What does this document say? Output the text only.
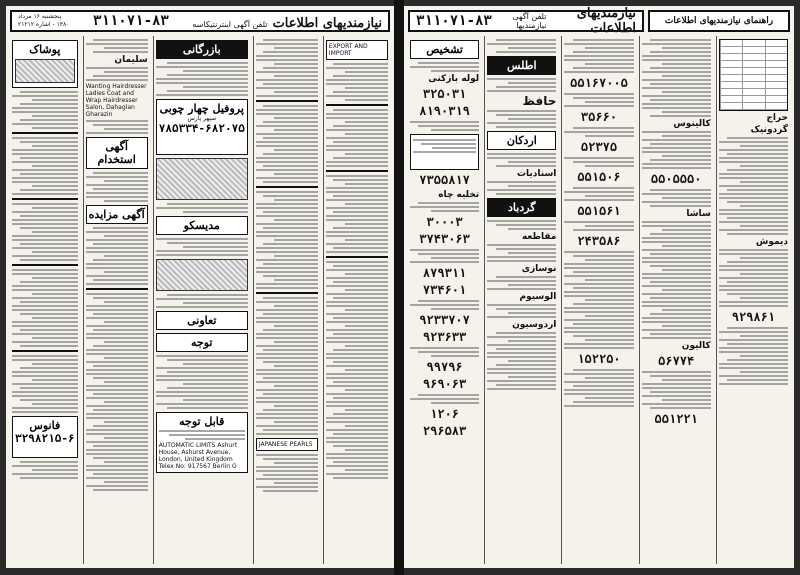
نیازمندیهای اطلاعات تلفن آگهی اینترنتیکاسه
۳۱۱۰۷۱-۸۳
پنجشنبه ۱۶ مرداد
۱۳۸۰ - اشاره ۲۱۲۱۲
EXPORT AND IMPORT
JAPANESE PEARLS
بازرگانی
پروفیل چهار چوبی
سپهر پارس
۷۸۵۳۳۴-۶۸۲۰۷۵
مدیسکو
تعاونی
توجه
قابل توجه
AUTOMATIC LIMITS Ashurt House, Ashurst Avenue, London, United Kingdom Telex No: 917567 Berlin G
سلیمان
Wanting Hairdresser Ladies Coat and Wrap Hairdresser Salon, Dahaglan Gharazin
آگهی استخدام
آگهی مزایده
پوشاک
فانوس
۳۲۹۸۲۱۵-۶
نیازمندیهای اطلاعات
تلفن آگهی نیازمندیها
۳۱۱۰۷۱-۸۳	راهنمای نیازمندیهای اطلاعات
حراج
گردونیک
دیموش
۹۲۹۸۶۱
کالینوس
۵۵۰۵۵۵۰
ساشا
کالیون
۵۶۷۷۴
۵۵۱۲۲۱
۵۵۱۶۷۰۰۵
۳۵۶۶۰
۵۲۳۷۵
۵۵۱۵۰۶
۵۵۱۵۶۱
۲۴۳۵۸۶
۱۵۲۲۵۰
اطلس
حافظ
اردکان
اسنادیات
گردباد
مقاطعه
نوسازی
الوسیوم
اردوسیون
تشخیص
لوله بازکنی
۳۲۵۰۳۱
۸۱۹۰۳۱۹
۷۳۵۵۸۱۷
تخلیه چاه
۳۰۰۰۳
۳۷۴۳۰۶۳
۸۷۹۳۱۱
۷۳۴۶۰۱
۹۲۳۳۷۰۷
۹۲۳۶۳۳
۹۹۷۹۶
۹۶۹۰۶۳
۱۲۰۶
۲۹۶۵۸۳
